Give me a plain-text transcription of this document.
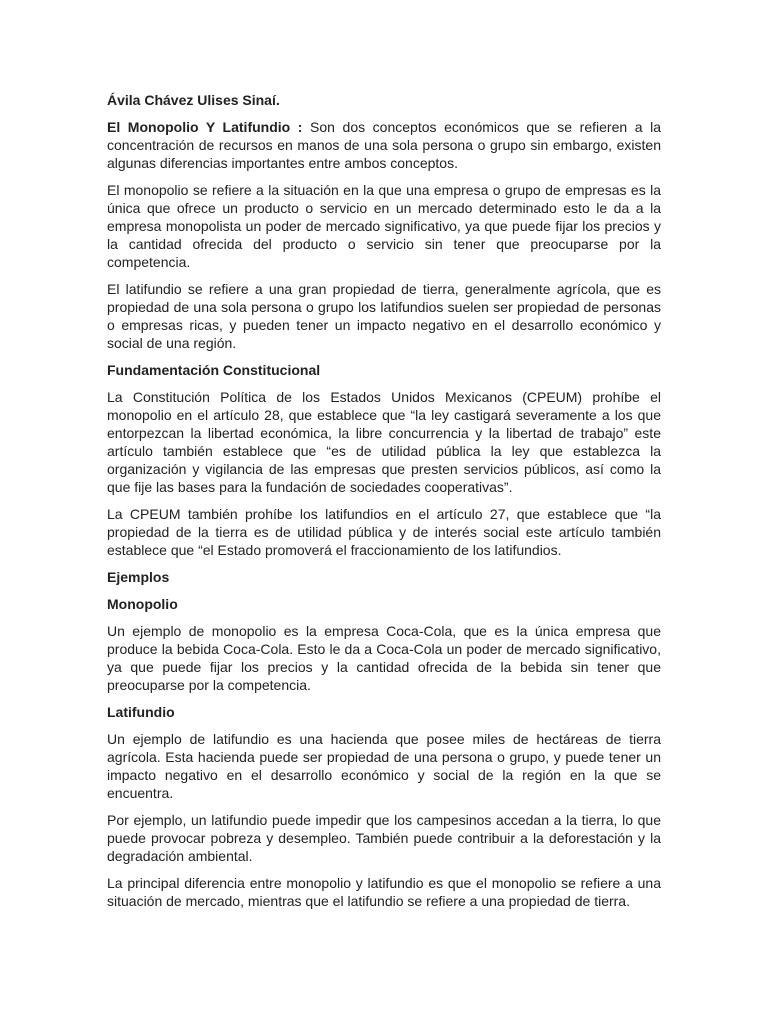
Ávila Chávez Ulises Sinaí.

El Monopolio Y Latifundio : Son dos conceptos económicos que se refieren a la concentración de recursos en manos de una sola persona o grupo sin embargo, existen algunas diferencias importantes entre ambos conceptos.

El monopolio se refiere a la situación en la que una empresa o grupo de empresas es la única que ofrece un producto o servicio en un mercado determinado esto le da a la empresa monopolista un poder de mercado significativo, ya que puede fijar los precios y la cantidad ofrecida del producto o servicio sin tener que preocuparse por la competencia.

El latifundio se refiere a una gran propiedad de tierra, generalmente agrícola, que es propiedad de una sola persona o grupo los latifundios suelen ser propiedad de personas o empresas ricas, y pueden tener un impacto negativo en el desarrollo económico y social de una región.

Fundamentación Constitucional

La Constitución Política de los Estados Unidos Mexicanos (CPEUM) prohíbe el monopolio en el artículo 28, que establece que “la ley castigará severamente a los que entorpezcan la libertad económica, la libre concurrencia y la libertad de trabajo” este artículo también establece que “es de utilidad pública la ley que establezca la organización y vigilancia de las empresas que presten servicios públicos, así como la que fije las bases para la fundación de sociedades cooperativas”.

La CPEUM también prohíbe los latifundios en el artículo 27, que establece que “la propiedad de la tierra es de utilidad pública y de interés social este artículo también establece que “el Estado promoverá el fraccionamiento de los latifundios.

Ejemplos

Monopolio

Un ejemplo de monopolio es la empresa Coca-Cola, que es la única empresa que produce la bebida Coca-Cola. Esto le da a Coca-Cola un poder de mercado significativo, ya que puede fijar los precios y la cantidad ofrecida de la bebida sin tener que preocuparse por la competencia.

Latifundio

Un ejemplo de latifundio es una hacienda que posee miles de hectáreas de tierra agrícola. Esta hacienda puede ser propiedad de una persona o grupo, y puede tener un impacto negativo en el desarrollo económico y social de la región en la que se encuentra.

Por ejemplo, un latifundio puede impedir que los campesinos accedan a la tierra, lo que puede provocar pobreza y desempleo. También puede contribuir a la deforestación y la degradación ambiental.

La principal diferencia entre monopolio y latifundio es que el monopolio se refiere a una situación de mercado, mientras que el latifundio se refiere a una propiedad de tierra.
